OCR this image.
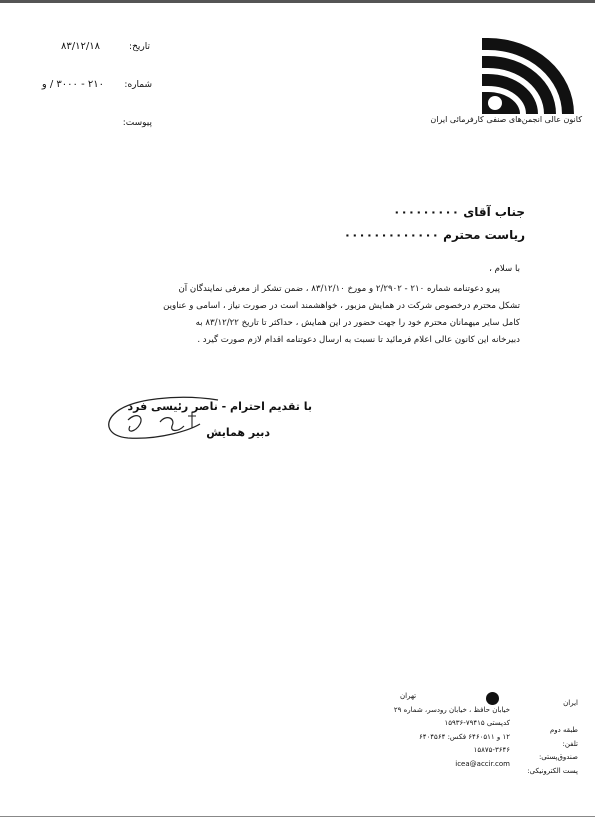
تاریخ:
۸۳/۱۲/۱۸
شماره:
۲۱۰ - ۳۰۰۰ / و
پیوست:	کانون عالی انجمن‌های صنفی کارفرمائی ایران
جناب آقای ۰۰۰۰۰۰۰۰۰
ریاست محترم ۰۰۰۰۰۰۰۰۰۰۰۰۰
با سلام ،

پیرو دعوتنامه شماره ۲۱۰ - ۲/۲۹۰۲ و مورخ ۸۳/۱۲/۱۰ ، ضمن تشکر از معرفی نمایندگان آن

تشکل محترم درخصوص شرکت در همایش مزبور ، خواهشمند است در صورت نیاز ، اسامی و عناوین

کامل سایر میهمانان محترم خود را جهت حضور در این همایش ، حداکثر تا تاریخ ۸۳/۱۲/۲۲ به

دبیرخانه این کانون عالی اعلام فرمائید تا نسبت به ارسال دعوتنامه اقدام لازم صورت گیرد .

با تقدیم احترام - ناصر رئیسی فرد
دبیر همایش
تهران
خیابان حافظ ، خیابان رودسر، شماره ۲۹
کدپستی ۷۹۴۱۵-۱۵۹۳۶
۱۲ و ۶۴۶۰۵۱۱ فکس: ۶۴۰۴۵۶۴
۱۵۸۷۵-۳۶۴۶
icea@accir.com
ایران

طبقه دوم
تلفن:
صندوق‌پستی:
پست الکترونیکی:
